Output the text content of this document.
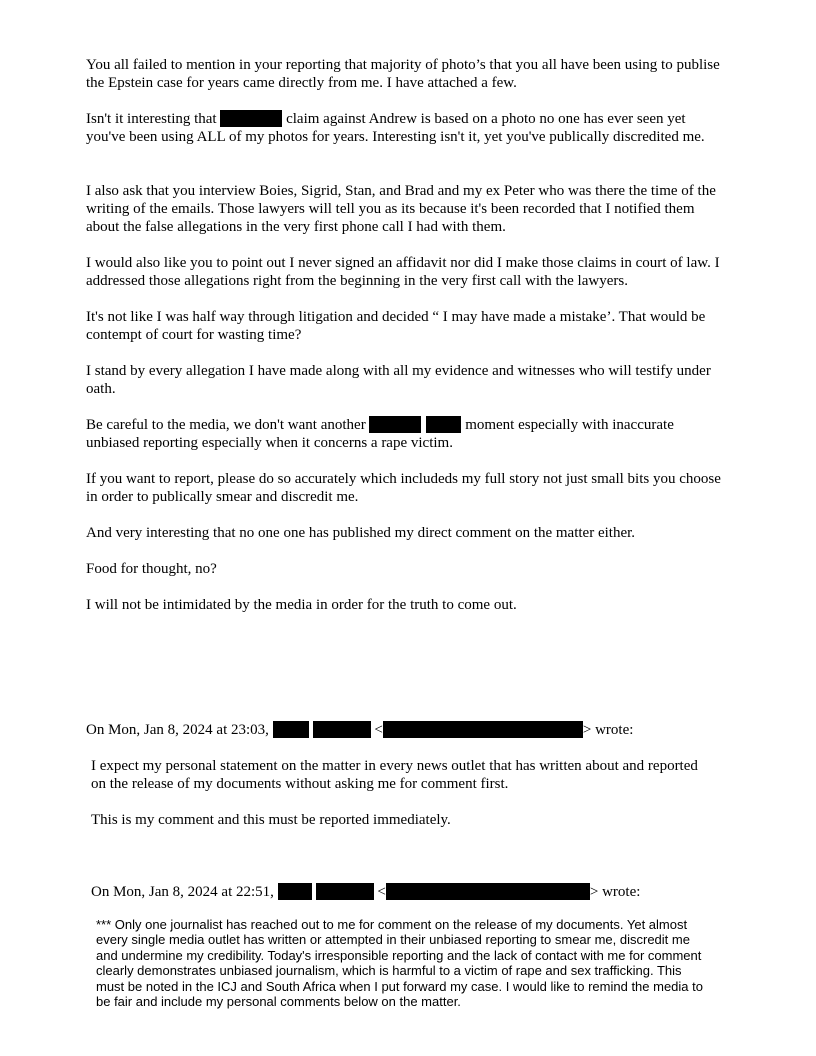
You all failed to mention in your reporting that majority of photo’s that you all have been using to publise the Epstein case for years came directly from me. I have attached a few.

Isn't it interesting that	claim against Andrew is based on a photo no one has ever seen yet you've been using ALL of my photos for years. Interesting isn't it, yet you've publically discredited me.

I also ask that you interview Boies, Sigrid, Stan, and Brad and my ex Peter who was there the time of the writing of the emails. Those lawyers will tell you as its because it's been recorded that I notified them about the false allegations in the very first phone call I had with them.

I would also like you to point out I never signed an affidavit nor did I make those claims in court of law. I addressed those allegations right from the beginning in the very first call with the lawyers.

It's not like I was half way through litigation and decided “ I may have made a mistake’. That would be contempt of court for wasting time?

I stand by every allegation I have made along with all my evidence and witnesses who will testify under oath.

Be careful to the media, we don't want another	moment especially with inaccurate unbiased reporting especially when it concerns a rape victim.

If you want to report, please do so accurately which includeds my full story not just small bits you choose in order to publically smear and discredit me.

And very interesting that no one one has published my direct comment on the matter either.

Food for thought, no?

I will not be intimidated by the media in order for the truth to come out.

On Mon, Jan 8, 2024 at 23:03,	<	> wrote:

I expect my personal statement on the matter in every news outlet that has written about and reported on the release of my documents without asking me for comment first.

This is my comment and this must be reported immediately.

On Mon, Jan 8, 2024 at 22:51,	<	> wrote:

*** Only one journalist has reached out to me for comment on the release of my documents. Yet almost every single media outlet has written or attempted in their unbiased reporting to smear me, discredit me and undermine my credibility. Today's irresponsible reporting and the lack of contact with me for comment clearly demonstrates unbiased journalism, which is harmful to a victim of rape and sex trafficking. This must be noted in the ICJ and South Africa when I put forward my case. I would like to remind the media to be fair and include my personal comments below on the matter.
